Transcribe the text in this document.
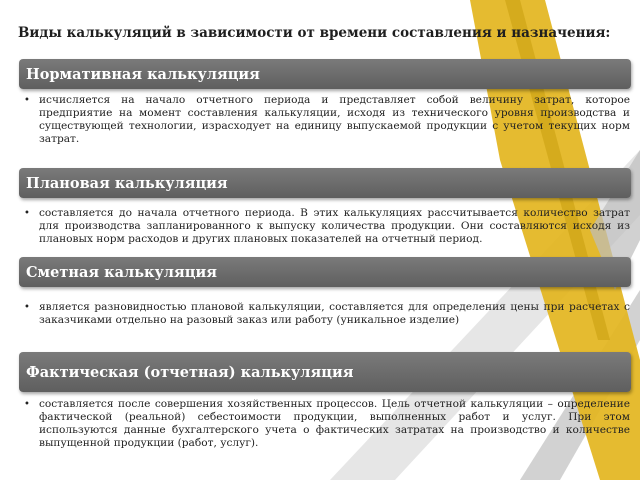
Виды калькуляций в зависимости от времени составления и назначения:
Нормативная калькуляция
• исчисляется на начало отчетного периода и представляет собой величину затрат, которое предприятие на момент составления калькуляции, исходя из технического уровня производства и существующей технологии, израсходует на единицу выпускаемой продукции с учетом текущих норм затрат.
Плановая калькуляция
• составляется до начала отчетного периода. В этих калькуляциях рассчитывается количество затрат для производства запланированного к выпуску количества продукции. Они составляются исходя из плановых норм расходов и других плановых показателей на отчетный период.
Сметная калькуляция
• является разновидностью плановой калькуляции, составляется для определения цены при расчетах с заказчиками отдельно на разовый заказ или работу (уникальное изделие)
Фактическая (отчетная) калькуляция
• составляется после совершения хозяйственных процессов. Цель отчетной калькуляции – определение фактической (реальной) себестоимости продукции, выполненных работ и услуг. При этом используются данные бухгалтерского учета о фактических затратах на производство и количестве выпущенной продукции (работ, услуг).
